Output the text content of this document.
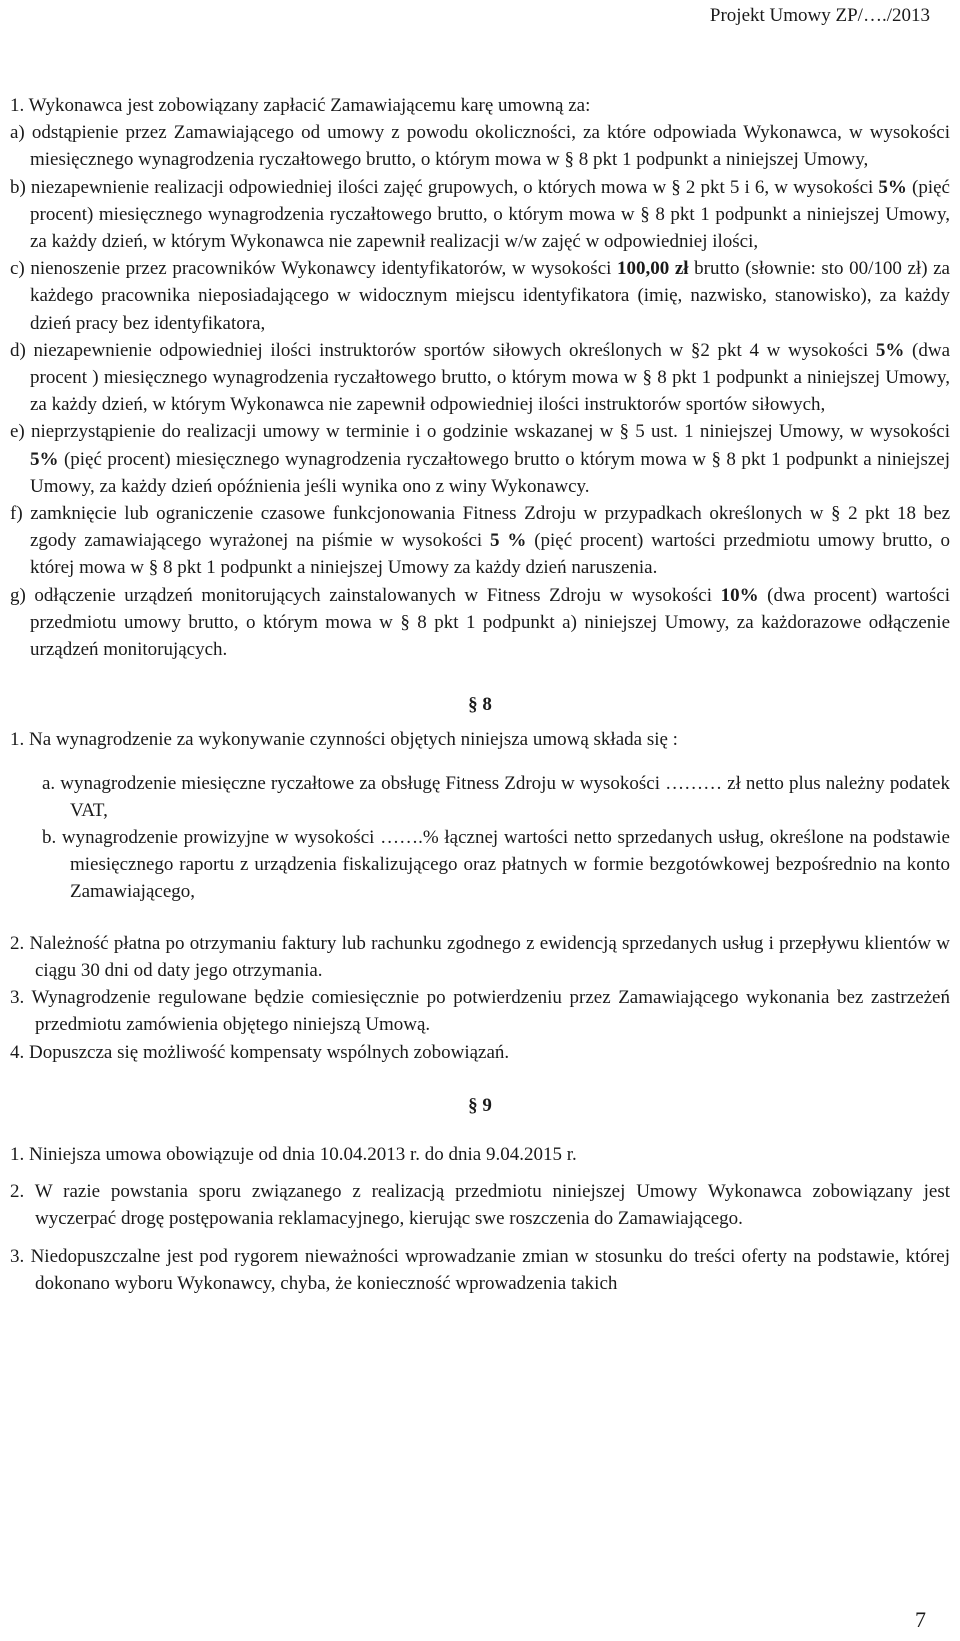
Projekt Umowy ZP/…./2013

1. Wykonawca jest zobowiązany zapłacić Zamawiającemu karę umowną za:

a) odstąpienie przez Zamawiającego od umowy z powodu okoliczności, za które odpowiada Wykonawca, w wysokości miesięcznego wynagrodzenia ryczałtowego brutto, o którym mowa w § 8 pkt 1 podpunkt a niniejszej Umowy,

b) niezapewnienie realizacji odpowiedniej ilości zajęć grupowych, o których mowa w § 2 pkt 5 i 6, w wysokości 5% (pięć procent) miesięcznego wynagrodzenia ryczałtowego brutto, o którym mowa w § 8 pkt 1 podpunkt a niniejszej Umowy, za każdy dzień, w którym Wykonawca nie zapewnił realizacji w/w zajęć w odpowiedniej ilości,

c) nienoszenie przez pracowników Wykonawcy identyfikatorów, w wysokości 100,00 zł brutto (słownie: sto 00/100 zł) za każdego pracownika nieposiadającego w widocznym miejscu identyfikatora (imię, nazwisko, stanowisko), za każdy dzień pracy bez identyfikatora,

d) niezapewnienie odpowiedniej ilości instruktorów sportów siłowych określonych w §2 pkt 4 w wysokości 5% (dwa procent ) miesięcznego wynagrodzenia ryczałtowego brutto, o którym mowa w § 8 pkt 1 podpunkt a niniejszej Umowy, za każdy dzień, w którym Wykonawca nie zapewnił odpowiedniej ilości instruktorów sportów siłowych,

e) nieprzystąpienie do realizacji umowy w terminie i o godzinie wskazanej w § 5 ust. 1 niniejszej Umowy, w wysokości 5% (pięć procent) miesięcznego wynagrodzenia ryczałtowego brutto o którym mowa w § 8 pkt 1 podpunkt a niniejszej Umowy, za każdy dzień opóźnienia jeśli wynika ono z winy Wykonawcy.

f) zamknięcie lub ograniczenie czasowe funkcjonowania Fitness Zdroju w przypadkach określonych w § 2 pkt 18 bez zgody zamawiającego wyrażonej na piśmie w wysokości 5 % (pięć procent) wartości przedmiotu umowy brutto, o której mowa w § 8 pkt 1 podpunkt a niniejszej Umowy za każdy dzień naruszenia.

g) odłączenie urządzeń monitorujących zainstalowanych w Fitness Zdroju w wysokości 10% (dwa procent) wartości przedmiotu umowy brutto, o którym mowa w § 8 pkt 1 podpunkt a) niniejszej Umowy, za każdorazowe odłączenie urządzeń monitorujących.

§ 8

1. Na wynagrodzenie za wykonywanie czynności objętych niniejsza umową składa się :

a. wynagrodzenie miesięczne ryczałtowe za obsługę Fitness Zdroju w wysokości ……… zł netto plus należny podatek VAT,

b. wynagrodzenie prowizyjne w wysokości …….% łącznej wartości netto sprzedanych usług, określone na podstawie miesięcznego raportu z urządzenia fiskalizującego oraz płatnych w formie bezgotówkowej bezpośrednio na konto Zamawiającego,

2. Należność płatna po otrzymaniu faktury lub rachunku zgodnego z ewidencją sprzedanych usług i przepływu klientów w ciągu 30 dni od daty jego otrzymania.

3. Wynagrodzenie regulowane będzie comiesięcznie po potwierdzeniu przez Zamawiającego wykonania bez zastrzeżeń przedmiotu zamówienia objętego niniejszą Umową.

4. Dopuszcza się możliwość kompensaty wspólnych zobowiązań.

§ 9

1. Niniejsza umowa obowiązuje od dnia 10.04.2013 r. do dnia 9.04.2015 r.

2. W razie powstania sporu związanego z realizacją przedmiotu niniejszej Umowy Wykonawca zobowiązany jest wyczerpać drogę postępowania reklamacyjnego, kierując swe roszczenia do Zamawiającego.

3. Niedopuszczalne jest pod rygorem nieważności wprowadzanie zmian w stosunku do treści oferty na podstawie, której dokonano wyboru Wykonawcy, chyba, że konieczność wprowadzenia takich

7
